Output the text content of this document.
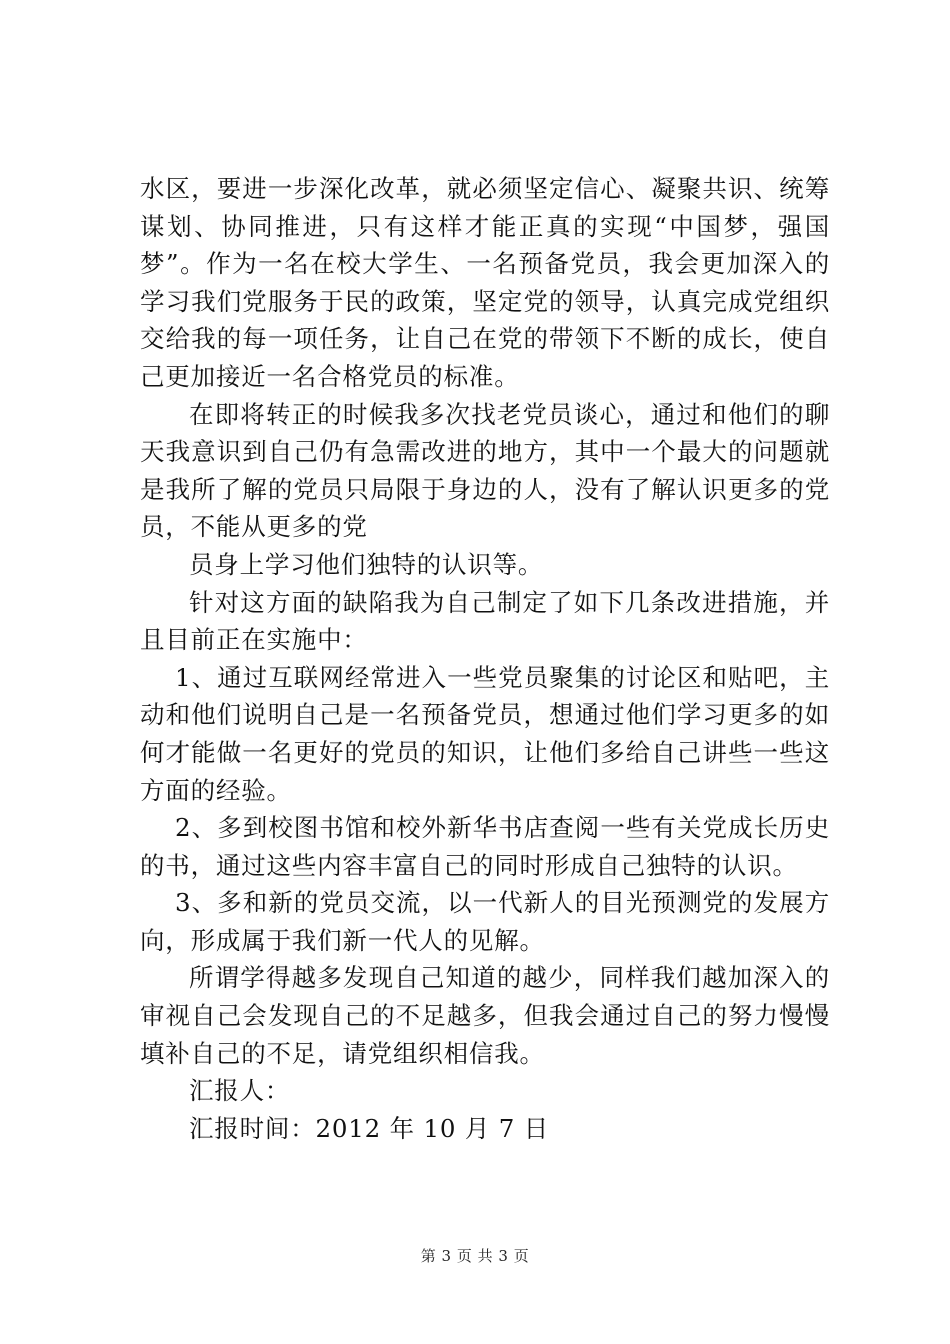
水区，要进一步深化改革，就必须坚定信心、凝聚共识、统筹谋划、协同推进，只有这样才能正真的实现“中国梦，强国梦”。作为一名在校大学生、一名预备党员，我会更加深入的学习我们党服务于民的政策，坚定党的领导，认真完成党组织交给我的每一项任务，让自己在党的带领下不断的成长，使自己更加接近一名合格党员的标准。

在即将转正的时候我多次找老党员谈心，通过和他们的聊天我意识到自己仍有急需改进的地方，其中一个最大的问题就是我所了解的党员只局限于身边的人，没有了解认识更多的党员，不能从更多的党

员身上学习他们独特的认识等。

针对这方面的缺陷我为自己制定了如下几条改进措施，并且目前正在实施中：

1、通过互联网经常进入一些党员聚集的讨论区和贴吧，主动和他们说明自己是一名预备党员，想通过他们学习更多的如何才能做一名更好的党员的知识，让他们多给自己讲些一些这方面的经验。

2、多到校图书馆和校外新华书店查阅一些有关党成长历史的书，通过这些内容丰富自己的同时形成自己独特的认识。

3、多和新的党员交流，以一代新人的目光预测党的发展方向，形成属于我们新一代人的见解。

所谓学得越多发现自己知道的越少，同样我们越加深入的审视自己会发现自己的不足越多，但我会通过自己的努力慢慢填补自己的不足，请党组织相信我。

汇报人：

汇报时间：2012 年 10 月 7 日

第 3 页 共 3 页
